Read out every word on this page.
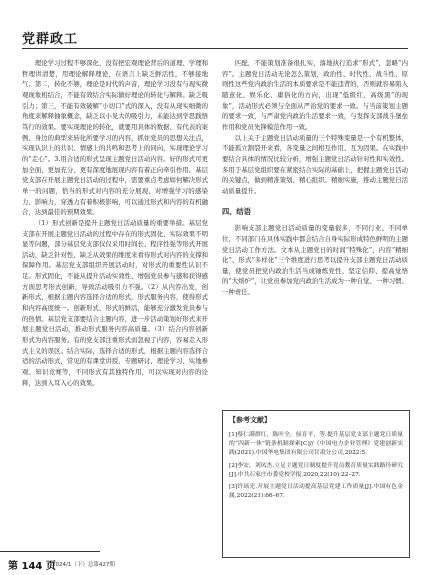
党群政工

理论学习过程不够深化，没有把宏观理论背后的道理、学理和哲理讲清楚，用理论解释理论，在语言上缺乏鲜活性，不够接地气；第二，转化不够，理论是时代的声音，理论学习没有与现实微观现象相结合，不能有效结合实际做好理论的转化与解释。缺乏吸引力；第三，不能有效破解“小切口”式的深入，没有从现实细微的角度来解释抽象概念，缺乏以小见大的吸引力，未能达到学思践悟笃行的效果。要实现理论的转化，就要用具体的数据、有代表的案例、身边的典型来转化所要学习的内容，抓住党员的思想关注点，实现认识上的共识、情感上的共鸣和思考上的同向，实现理论学习的“走心”。3.用合适的形式呈现主题党日活动内容。好的形式可更加全面、更加充分、更有深度地展现内容有着正向牵引作用。基层党支部在开展主题党日活动的过程中，需要重点考虑如何解决形式单一的问题，恰当的形式对内容的充分展现，对增强学习的感染力、影响力，穿透力有着积极影响，可以通过形式和内容的有机融合，达到最佳的预期效果。

（1）形式创新是提升主题党日活动质量的重要举措。基层党支部在开展主题党日活动的过程中存在的形式固化、实际效果不明显等问题，部分基层党支部仅仅采用时间长、程序性强等形式开展活动，缺乏针对性、缺乏从效果的维度来看待形式对内容的支撑和保障作用。基层党支部组织开展活动时，对形式的重要性认识不足。形式固化，不能从提升活动实效性、增强党员参与感和获得感方面思考形式创新，导致活动吸引力不强。（2）从内容出发，创新形式，根据主题内容选择合适的形式，形式服务内容，使得形式和内容高度统一。创新形式，形式的鲜活，能够充分激发党员参与的热情。基层党支部要结合主题内容，进一步活动策划好形式来开展主题党日活动，推动形式服务内容高质量。（3）结合内容创新形式为内容服务。有的党支部注重形式而忽视了内容，容易走入形式主义的误区。结合实际，选择合适的形式，根据主题内容选择合适的活动形式，常见的有课堂讲授、专题研讨、理论学习、实地参观、知识竞赛等，不同形式有其独特作用，可以实现对内容的诠释，达到入耳入心的效果。

匹配，不能策划准备很扎实，落地执行追求“形式”，忽略“内容”。主题党日活动无论怎么策划，政治性、时代性、战斗性、原则性这些党内政治生活的本质要求是不能违背的，否则就容易陷入随意化、娱乐化、庸俗化的方向，出现“低级红、高级黑”的现象”，活动形式必须与全面从严治党的要求一致。与当前策划主题的要求一致，与严肃党内政治生活要求一致，与发挥支部战斗堡垒作用和党员先锋模范作用一致。

以上关于主题党日活动质量的三个特殊变量是一个有机整体，不能孤立割裂开来看，各变量之间相互作用、互为因果。在实践中要结合具体的情况比较分析，增强主题党日活动针对性和实效性。多用于基层党组织要在紧密结合实际的基础上，把握主题党日活动的关键点，做到精准策划、精心组织、精细实施，推动主题党日活动质量提升。

四、结语

影响支部主题党日活动质量的变量很多，不同行业、不同单位、不同部门在具体实践中都会结合自身实际形成特色鲜明的主题党日活动工作方法。文本从主题党日的时间“特殊化”、内容“精细化”、形式“多样化”三个维度进行思考以提升支部主题党日活动质量，使党员把党内政治生活当成锤炼党性、坚定信仰、提高觉悟的“大熔炉”，让党员参加党内政治生活成为一种自觉、一种习惯、一种责任。

【参考文献】
[1]蔡仁满群红，陈叶全，侯育平，等.提升基层党支部主题党日质量的“四新一体”链条机制探索[C]//《中国电力企业管理》党建创新实践(2021).中国华电集团有限公司甘肃分公司,2022:5.
[2]李安，刘凤杰.立足主题党日制度提升党员教育质量实践路径研究[J].中共石家庄市委党校学报,2020,22(10):22–27.
[3]许瑶光.开展主题党日活动提高基层党建工作质量[J].中国有色金属,2022(21):66–67.
第 144 页
2024/1（下）总第427期
